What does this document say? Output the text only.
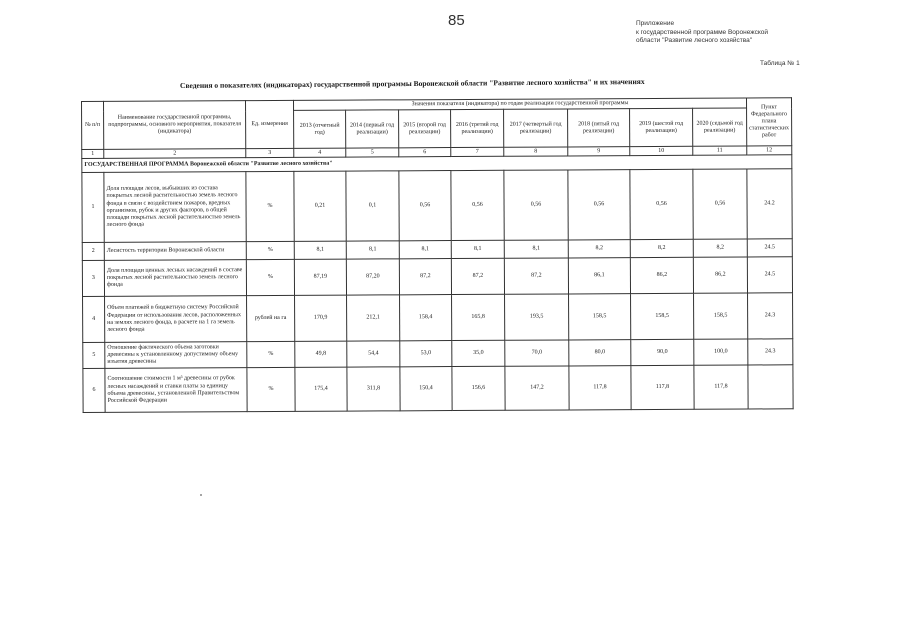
85	Приложение
к государственной программе Воронежской
области "Развитие лесного хозяйства"
Таблица № 1
Сведения о показателях (индикаторах) государственной программы Воронежской области "Развитие лесного хозяйства" и их значениях
№ п/п	Наименование государственной программы, подпрограммы, основного мероприятия, показателя (индикатора)	Ед. измерения	Значения показателя (индикатора) по годам реализации государственной программы								Пункт Федерального плана статистических работ
			2013 (отчетный год)	2014 (первый год реализации)	2015 (второй год реализации)	2016 (третий год реализации)	2017 (четвертый год реализации)	2018 (пятый год реализации)	2019 (шестой год реализации)	2020 (седьмой год реализации)	
1	2	3	4	5	6	7	8	9	10	11	12
ГОСУДАРСТВЕННАЯ ПРОГРАММА Воронежской области "Развитие лесного хозяйства"											
1	Доля площади лесов, выбывших из состава покрытых лесной растительностью земель лесного фонда в связи с воздействием пожаров, вредных организмов, рубок и других факторов, в общей площади покрытых лесной растительностью земель лесного фонда	%	0,21	0,1	0,56	0,56	0,56	0,56	0,56	0,56	24.2
2	Лесистость территории Воронежской области	%	8,1	8,1	8,1	8,1	8,1	8,2	8,2	8,2	24.5
3	Доля площади ценных лесных насаждений в составе покрытых лесной растительностью земель лесного фонда	%	87,19	87,20	87,2	87,2	87,2	86,1	86,2	86,2	24.5
4	Объем платежей в бюджетную систему Российской Федерации от использования лесов, расположенных на землях лесного фонда, в расчете на 1 га земель лесного фонда	рублей на га	170,9	212,1	158,4	165,8	193,5	158,5	158,5	158,5	24.3
5	Отношение фактического объема заготовки древесины к установленному допустимому объему изъятия древесины	%	49,8	54,4	53,0	35,0	70,0	80,0	90,0	100,0	24.3
6	Соотношение стоимости 1 м³ древесины от рубок лесных насаждений и ставки платы за единицу объема древесины, установленной Правительством Российской Федерации	%	175,4	311,8	150,4	156,6	147,2	117,8	117,8	117,8	
